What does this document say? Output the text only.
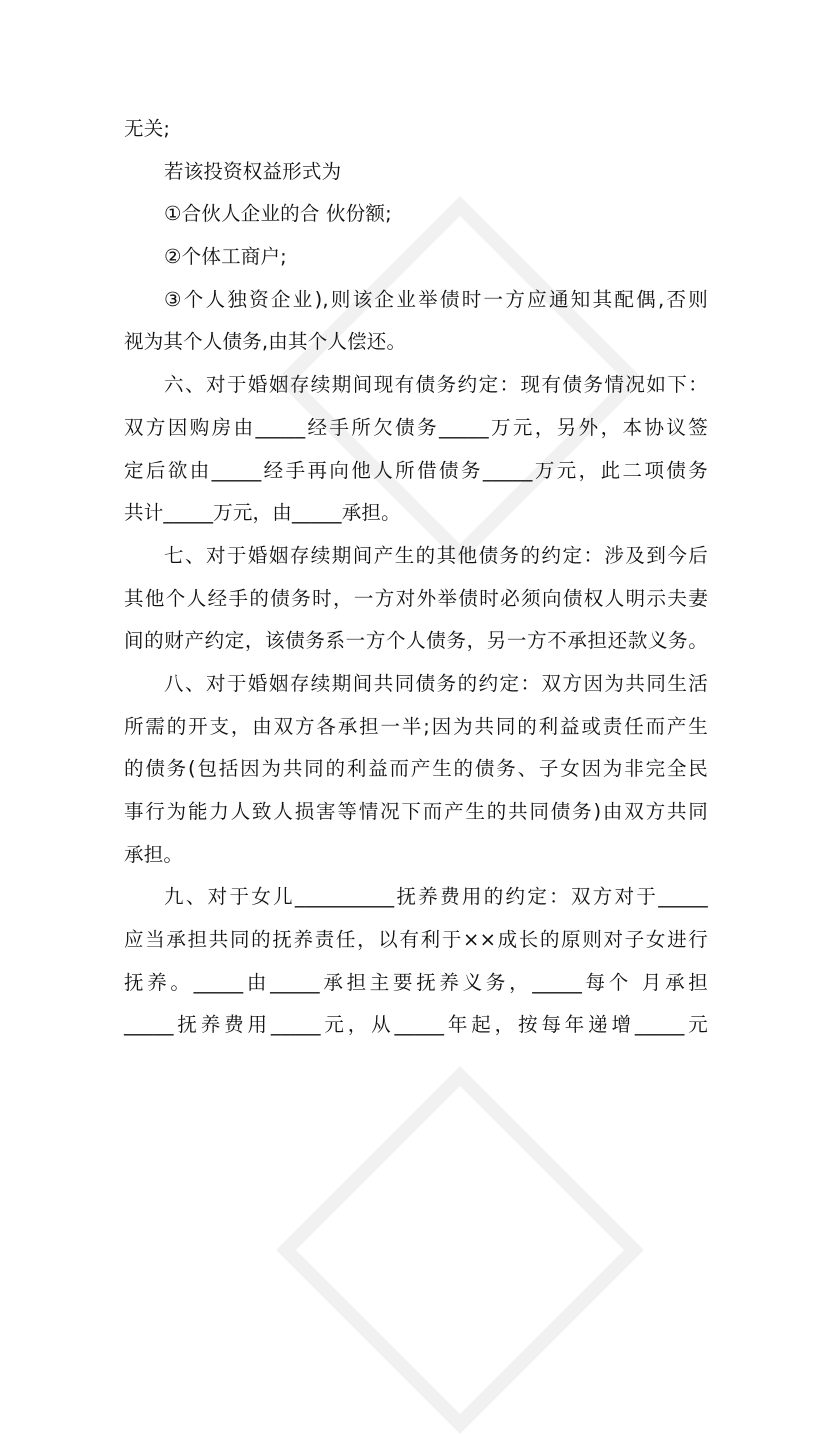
无关;
若该投资权益形式为
①合伙人企业的合 伙份额;
②个体工商户;
③个人独资企业),则该企业举债时一方应通知其配偶,否则
视为其个人债务,由其个人偿还。
六、对于婚姻存续期间现有债务约定：现有债务情况如下：
双方因购房由_____经手所欠债务_____万元，另外，本协议签
定后欲由_____经手再向他人所借债务_____万元，此二项债务
共计_____万元，由_____承担。
七、对于婚姻存续期间产生的其他债务的约定：涉及到今后
其他个人经手的债务时，一方对外举债时必须向债权人明示夫妻
间的财产约定，该债务系一方个人债务，另一方不承担还款义务。
八、对于婚姻存续期间共同债务的约定：双方因为共同生活
所需的开支，由双方各承担一半;因为共同的利益或责任而产生
的债务(包括因为共同的利益而产生的债务、子女因为非完全民
事行为能力人致人损害等情况下而产生的共同债务)由双方共同
承担。
九、对于女儿__________抚养费用的约定：双方对于_____
应当承担共同的抚养责任，以有利于××成长的原则对子女进行
抚养。_____由_____承担主要抚养义务，_____每个 月承担
_____抚养费用_____元，从_____年起，按每年递增_____元
